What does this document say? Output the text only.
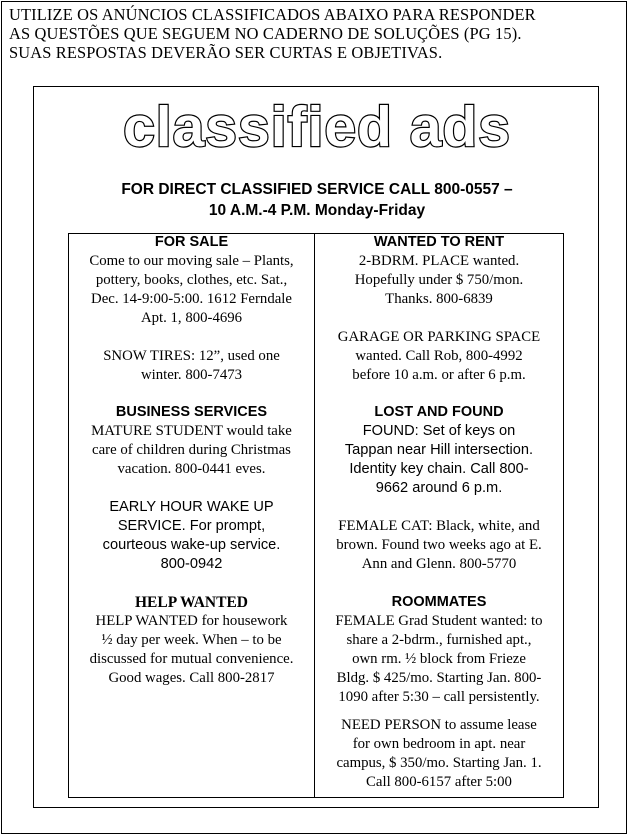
UTILIZE OS ANÚNCIOS CLASSIFICADOS ABAIXO PARA RESPONDER
AS QUESTÕES QUE SEGUEM NO CADERNO DE SOLUÇÕES (PG 15).
SUAS RESPOSTAS DEVERÃO SER CURTAS E OBJETIVAS.
classified ads
FOR DIRECT CLASSIFIED SERVICE CALL 800-0557 –
10 A.M.-4 P.M. Monday-Friday
FOR SALE
Come to our moving sale – Plants,
pottery, books, clothes, etc. Sat.,
Dec. 14-9:00-5:00. 1612 Ferndale
Apt. 1, 800-4696
SNOW TIRES: 12”, used one
winter. 800-7473
BUSINESS SERVICES
MATURE STUDENT would take
care of children during Christmas
vacation. 800-0441 eves.
EARLY HOUR WAKE UP
SERVICE. For prompt,
courteous wake-up service.
800-0942
HELP WANTED
HELP WANTED for housework
½ day per week. When – to be
discussed for mutual convenience.
Good wages. Call 800-2817
WANTED TO RENT
2-BDRM. PLACE wanted.
Hopefully under $ 750/mon.
Thanks. 800-6839
GARAGE OR PARKING SPACE
wanted. Call Rob, 800-4992
before 10 a.m. or after 6 p.m.
LOST AND FOUND
FOUND: Set of keys on
Tappan near Hill intersection.
Identity key chain. Call 800-
9662 around 6 p.m.
FEMALE CAT: Black, white, and
brown. Found two weeks ago at E.
Ann and Glenn. 800-5770
ROOMMATES
FEMALE Grad Student wanted: to
share a 2-bdrm., furnished apt.,
own rm. ½ block from Frieze
Bldg. $ 425/mo. Starting Jan. 800-
1090 after 5:30 – call persistently.
NEED PERSON to assume lease
for own bedroom in apt. near
campus, $ 350/mo. Starting Jan. 1.
Call 800-6157 after 5:00
